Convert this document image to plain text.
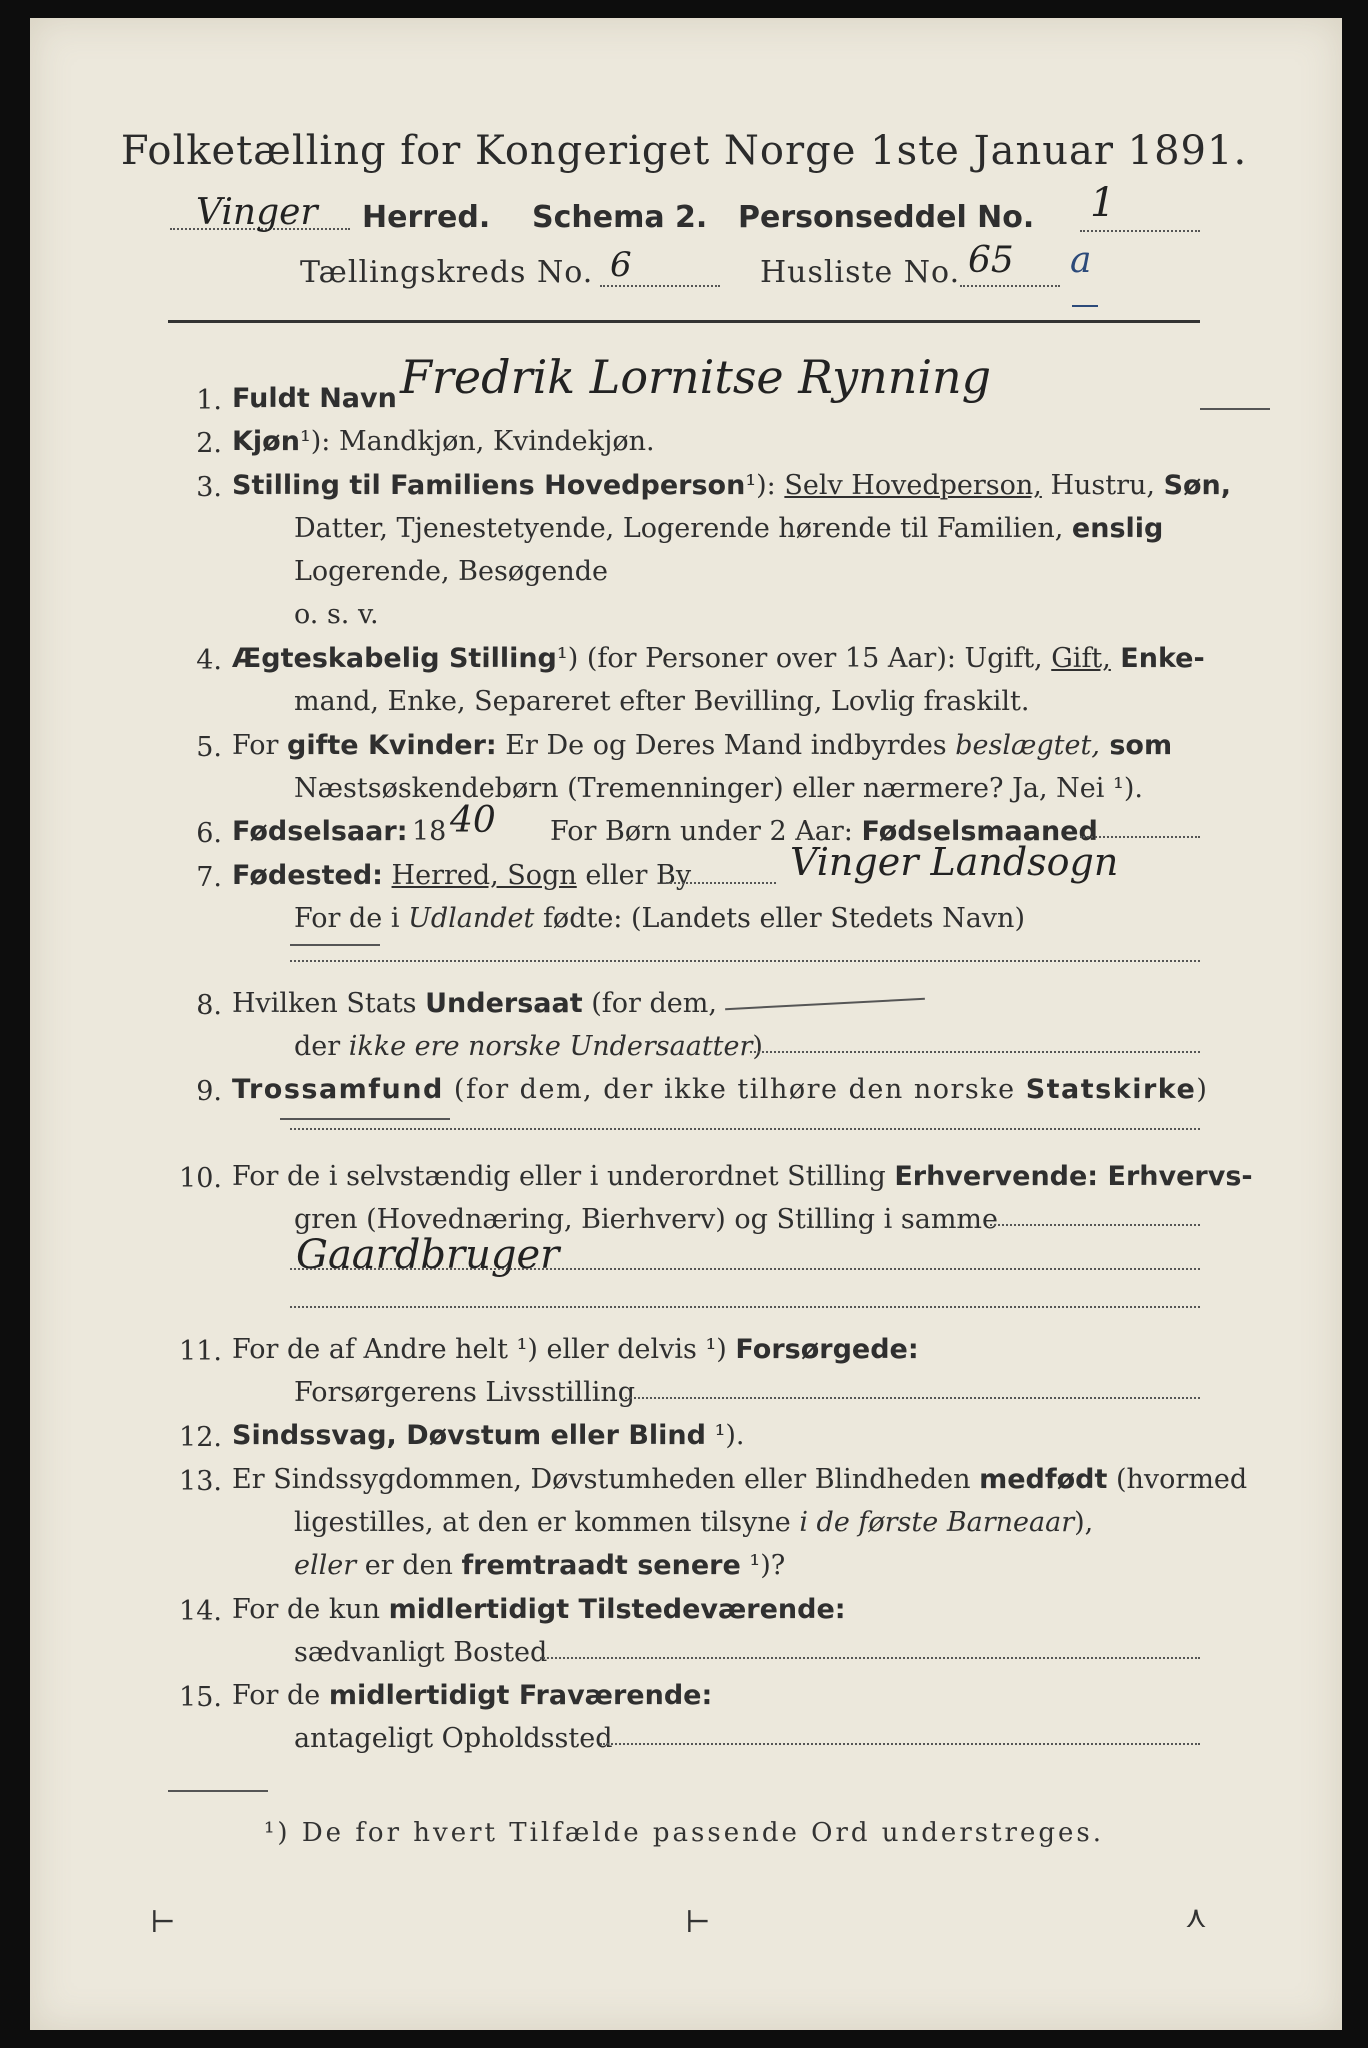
Folketælling for Kongeriget Norge 1ste Januar 1891.
Vinger Herred. Schema 2. Personseddel No. 1
Tællingskreds No. 6	Husliste No. 65 a
1. Fuldt Navn Fredrik Lornitse Rynning
2. Kjøn¹): Mandkjøn, Kvindekjøn.
3. Stilling til Familiens Hovedperson¹): Selv Hovedperson, Hustru, Søn,
Datter, Tjenestetyende, Logerende hørende til Familien, enslig
Logerende, Besøgende
o. s. v.
4. Ægteskabelig Stilling¹) (for Personer over 15 Aar): Ugift, Gift, Enke-
mand, Enke, Separeret efter Bevilling, Lovlig fraskilt.
5. For gifte Kvinder: Er De og Deres Mand indbyrdes beslægtet, som
Næstsøskendebørn (Tremenninger) eller nærmere? Ja, Nei ¹).
6. Fødselsaar: 18 40 For Børn under 2 Aar: Fødselsmaaned
7. Fødested: Herred, Sogn eller By	Vinger Landsogn
For de i Udlandet fødte: (Landets eller Stedets Navn)
8. Hvilken Stats Undersaat (for dem,
der ikke ere norske Undersaatter)
9. Trossamfund (for dem, der ikke tilhøre den norske Statskirke)
10. For de i selvstændig eller i underordnet Stilling Erhvervende: Erhvervs-
gren (Hovednæring, Bierhverv) og Stilling i samme
Gaardbruger
11. For de af Andre helt ¹) eller delvis ¹) Forsørgede:
Forsørgerens Livsstilling
12. Sindssvag, Døvstum eller Blind ¹).
13. Er Sindssygdommen, Døvstumheden eller Blindheden medfødt (hvormed
ligestilles, at den er kommen tilsyne i de første Barneaar),
eller er den fremtraadt senere ¹)?
14. For de kun midlertidigt Tilstedeværende:
sædvanligt Bosted
15. For de midlertidigt Fraværende:
antageligt Opholdssted
¹) De for hvert Tilfælde passende Ord understreges.
⊢	⊢	⋏
